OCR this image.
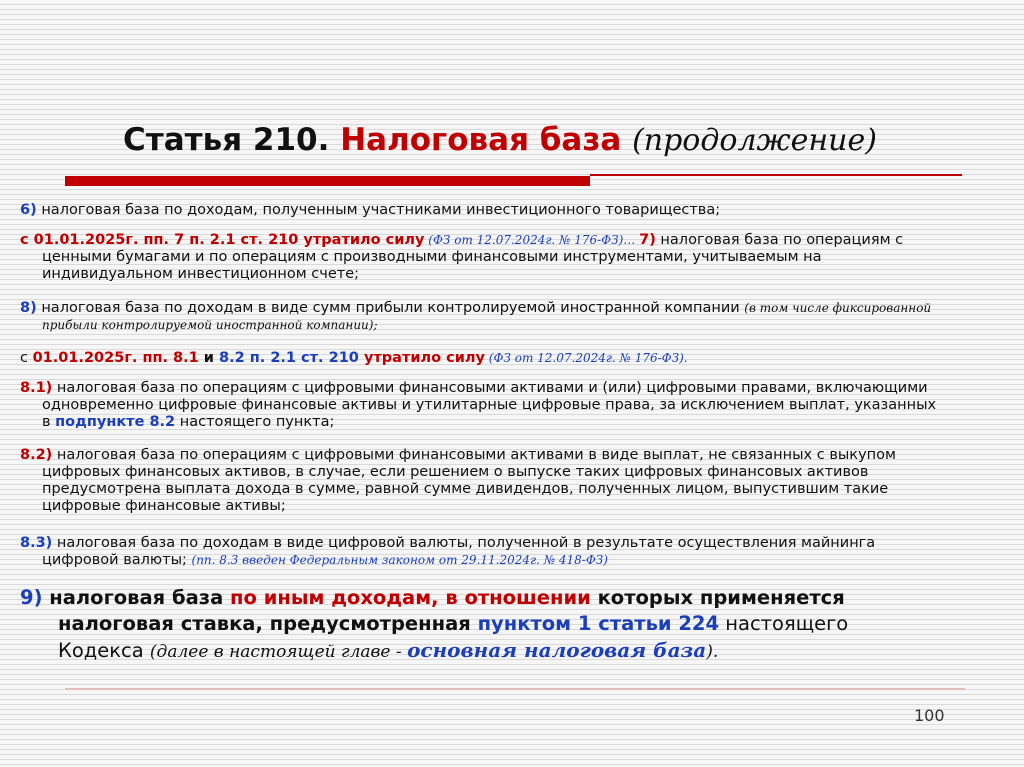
Статья 210. Налоговая база (продолжение)

6) налоговая база по доходам, полученным участниками инвестиционного товарищества;

с 01.01.2025г. пп. 7 п. 2.1 ст. 210 утратило силу (ФЗ от 12.07.2024г. № 176-ФЗ)… 7) налоговая база по операциям с
ценными бумагами и по операциям с производными финансовыми инструментами, учитываемым на
индивидуальном инвестиционном счете;

8) налоговая база по доходам в виде сумм прибыли контролируемой иностранной компании (в том числе фиксированной
прибыли контролируемой иностранной компании);

с 01.01.2025г. пп. 8.1 и 8.2 п. 2.1 ст. 210 утратило силу (ФЗ от 12.07.2024г. № 176-ФЗ).

8.1) налоговая база по операциям с цифровыми финансовыми активами и (или) цифровыми правами, включающими
одновременно цифровые финансовые активы и утилитарные цифровые права, за исключением выплат, указанных
в подпункте 8.2 настоящего пункта;

8.2) налоговая база по операциям с цифровыми финансовыми активами в виде выплат, не связанных с выкупом
цифровых финансовых активов, в случае, если решением о выпуске таких цифровых финансовых активов
предусмотрена выплата дохода в сумме, равной сумме дивидендов, полученных лицом, выпустившим такие
цифровые финансовые активы;

8.3) налоговая база по доходам в виде цифровой валюты, полученной в результате осуществления майнинга
цифровой валюты; (пп. 8.3 введен Федеральным законом от 29.11.2024г. № 418-ФЗ)

9) налоговая база по иным доходам, в отношении которых применяется
налоговая ставка, предусмотренная пунктом 1 статьи 224 настоящего
Кодекса (далее в настоящей главе - основная налоговая база).

100
